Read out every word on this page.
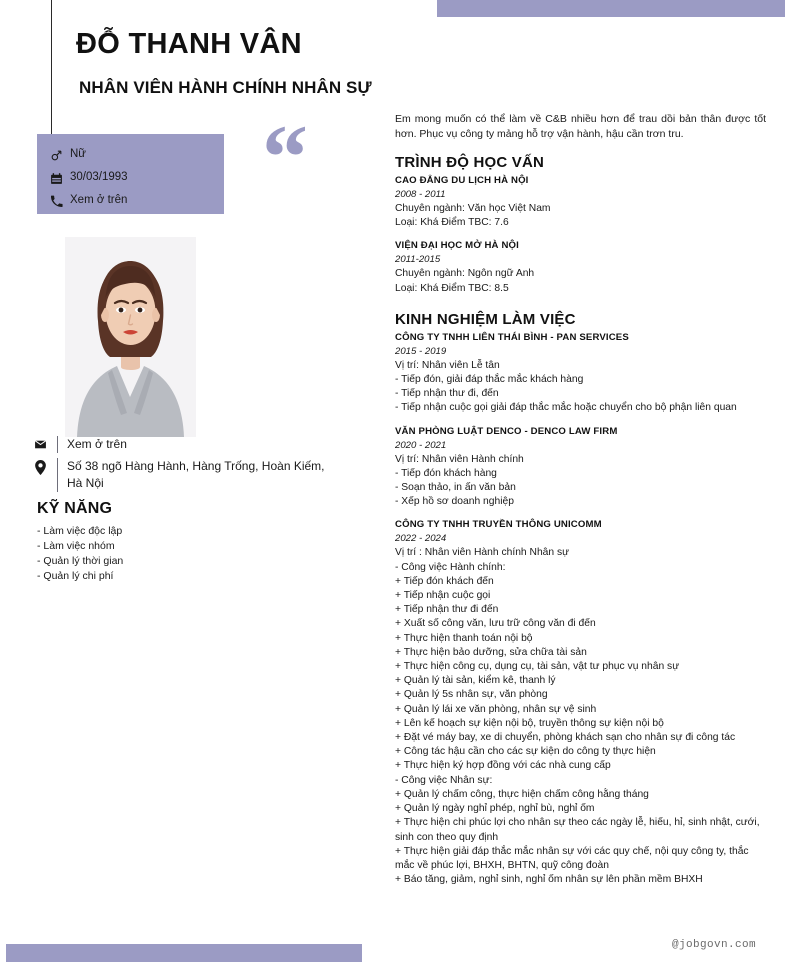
ĐỖ THANH VÂN
NHÂN VIÊN HÀNH CHÍNH NHÂN SỰ
Nữ
30/03/1993
Xem ở trên “
Xem ở trên
Số 38 ngõ Hàng Hành, Hàng Trống, Hoàn Kiếm, Hà Nội
KỸ NĂNG
- Làm việc độc lập
- Làm việc nhóm
- Quản lý thời gian
- Quản lý chi phí
Em mong muốn có thể làm về C&B nhiều hơn để trau dồi bản thân được tốt hơn. Phục vụ công ty mảng hỗ trợ vận hành, hậu cần trơn tru.
TRÌNH ĐỘ HỌC VẤN
CAO ĐẲNG DU LỊCH HÀ NỘI
2008 - 2011
Chuyên ngành: Văn học Việt Nam
Loại: Khá Điểm TBC: 7.6
VIỆN ĐẠI HỌC MỞ HÀ NỘI
2011-2015
Chuyên ngành: Ngôn ngữ Anh
Loại: Khá Điểm TBC: 8.5
KINH NGHIỆM LÀM VIỆC
CÔNG TY TNHH LIÊN THÁI BÌNH - PAN SERVICES
2015 - 2019
Vị trí: Nhân viên Lễ tân
- Tiếp đón, giải đáp thắc mắc khách hàng
- Tiếp nhận thư đi, đến
- Tiếp nhận cuộc gọi giải đáp thắc mắc hoặc chuyển cho bộ phận liên quan
VĂN PHÒNG LUẬT DENCO - DENCO LAW FIRM
2020 - 2021
Vị trí: Nhân viên Hành chính
- Tiếp đón khách hàng
- Soạn thảo, in ấn văn bản
- Xếp hồ sơ doanh nghiệp
CÔNG TY TNHH TRUYỀN THÔNG UNICOMM
2022 - 2024
Vị trí : Nhân viên Hành chính Nhân sự
- Công việc Hành chính:
+ Tiếp đón khách đến
+ Tiếp nhận cuộc gọi
+ Tiếp nhận thư đi đến
+ Xuất số công văn, lưu trữ công văn đi đến
+ Thực hiện thanh toán nội bộ
+ Thực hiện bảo dưỡng, sửa chữa tài sản
+ Thực hiện công cụ, dụng cụ, tài sản, vật tư phục vụ nhân sự
+ Quản lý tài sản, kiểm kê, thanh lý
+ Quản lý 5s nhân sự, văn phòng
+ Quản lý lái xe văn phòng, nhân sự vệ sinh
+ Lên kế hoạch sự kiện nội bộ, truyền thông sự kiện nội bộ
+ Đặt vé máy bay, xe di chuyển, phòng khách sạn cho nhân sự đi công tác
+ Công tác hậu cần cho các sự kiện do công ty thực hiện
+ Thực hiện ký hợp đồng với các nhà cung cấp
- Công việc Nhân sự:
+ Quản lý chấm công, thực hiện chấm công hằng tháng
+ Quản lý ngày nghỉ phép, nghỉ bù, nghỉ ốm
+ Thực hiện chi phúc lợi cho nhân sự theo các ngày lễ, hiếu, hỉ, sinh nhật, cưới, sinh con theo quy định
+ Thực hiện giải đáp thắc mắc nhân sự với các quy chế, nội quy công ty, thắc mắc về phúc lợi, BHXH, BHTN, quỹ công đoàn
+ Báo tăng, giảm, nghỉ sinh, nghỉ ốm nhân sự lên phần mềm BHXH
@jobgovn.com
